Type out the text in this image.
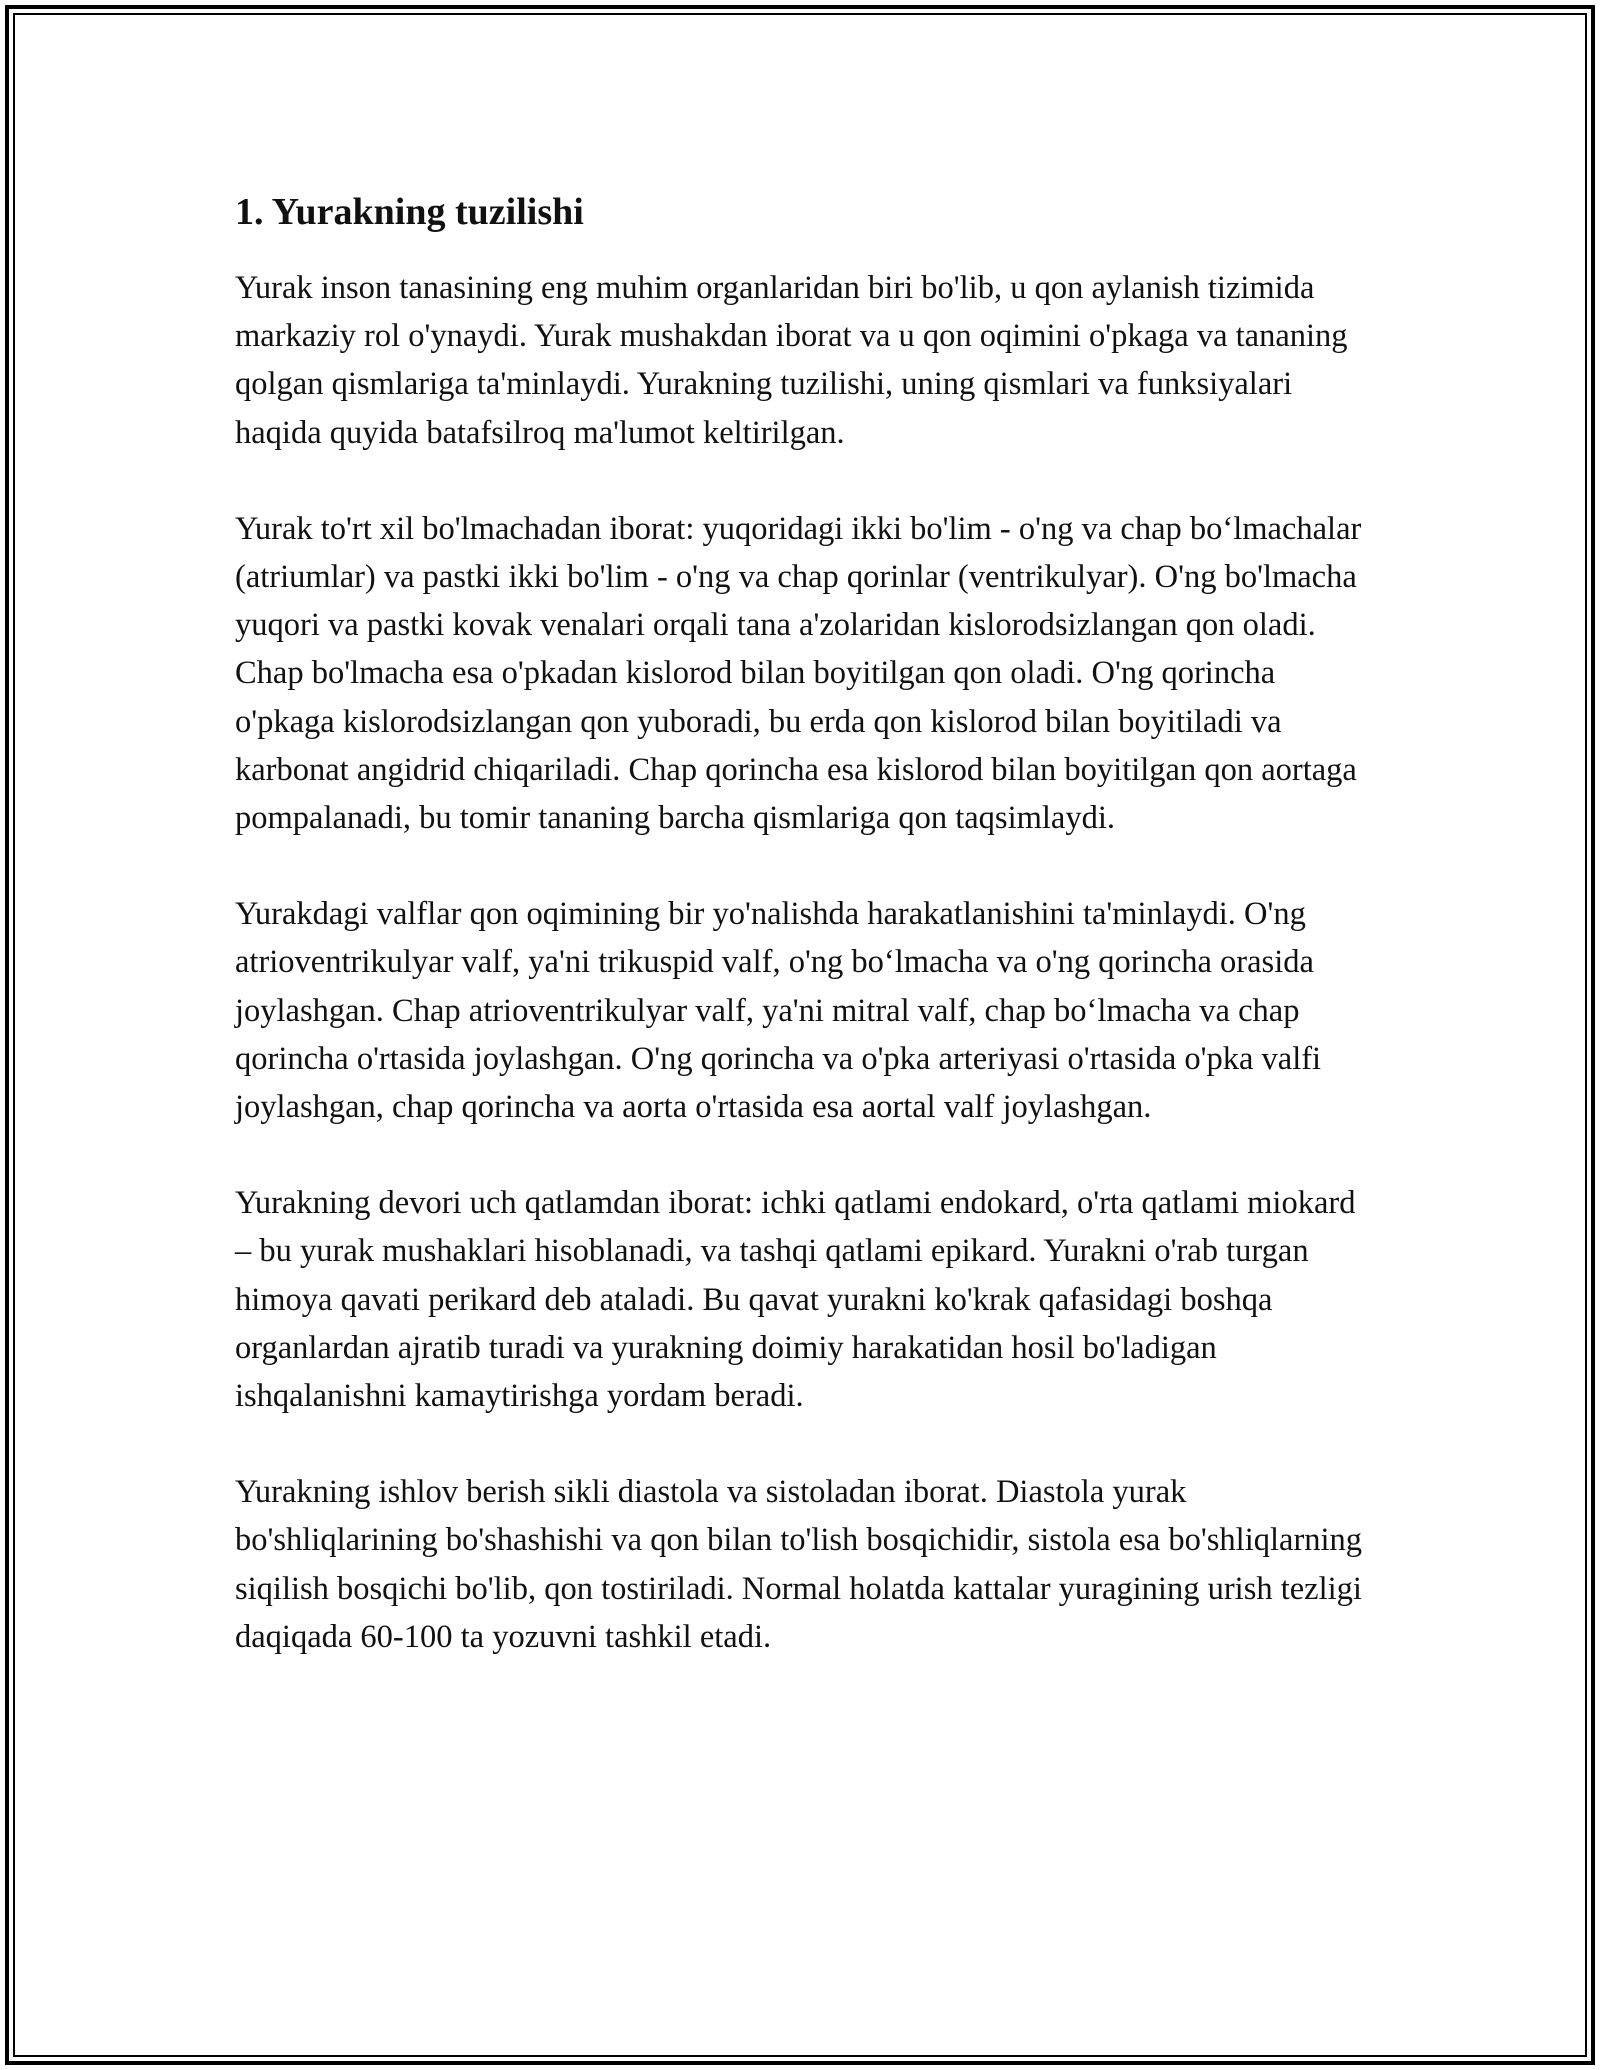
1. Yurakning tuzilishi

Yurak inson tanasining eng muhim organlaridan biri bo'lib, u qon aylanish tizimida markaziy rol o'ynaydi. Yurak mushakdan iborat va u qon oqimini o'pkaga va tananing qolgan qismlariga ta'minlaydi. Yurakning tuzilishi, uning qismlari va funksiyalari haqida quyida batafsilroq ma'lumot keltirilgan.

Yurak to'rt xil bo'lmachadan iborat: yuqoridagi ikki bo'lim - o'ng va chap bo‘lmachalar (atriumlar) va pastki ikki bo'lim - o'ng va chap qorinlar (ventrikulyar). O'ng bo'lmacha yuqori va pastki kovak venalari orqali tana a'zolaridan kislorodsizlangan qon oladi. Chap bo'lmacha esa o'pkadan kislorod bilan boyitilgan qon oladi. O'ng qorincha o'pkaga kislorodsizlangan qon yuboradi, bu erda qon kislorod bilan boyitiladi va karbonat angidrid chiqariladi. Chap qorincha esa kislorod bilan boyitilgan qon aortaga pompalanadi, bu tomir tananing barcha qismlariga qon taqsimlaydi.

Yurakdagi valflar qon oqimining bir yo'nalishda harakatlanishini ta'minlaydi. O'ng atrioventrikulyar valf, ya'ni trikuspid valf, o'ng bo‘lmacha va o'ng qorincha orasida joylashgan. Chap atrioventrikulyar valf, ya'ni mitral valf, chap bo‘lmacha va chap qorincha o'rtasida joylashgan. O'ng qorincha va o'pka arteriyasi o'rtasida o'pka valfi joylashgan, chap qorincha va aorta o'rtasida esa aortal valf joylashgan.

Yurakning devori uch qatlamdan iborat: ichki qatlami endokard, o'rta qatlami miokard – bu yurak mushaklari hisoblanadi, va tashqi qatlami epikard. Yurakni o'rab turgan himoya qavati perikard deb ataladi. Bu qavat yurakni ko'krak qafasidagi boshqa organlardan ajratib turadi va yurakning doimiy harakatidan hosil bo'ladigan ishqalanishni kamaytirishga yordam beradi.

Yurakning ishlov berish sikli diastola va sistoladan iborat. Diastola yurak bo'shliqlarining bo'shashishi va qon bilan to'lish bosqichidir, sistola esa bo'shliqlarning siqilish bosqichi bo'lib, qon tostiriladi. Normal holatda kattalar yuragining urish tezligi daqiqada 60-100 ta yozuvni tashkil etadi.
